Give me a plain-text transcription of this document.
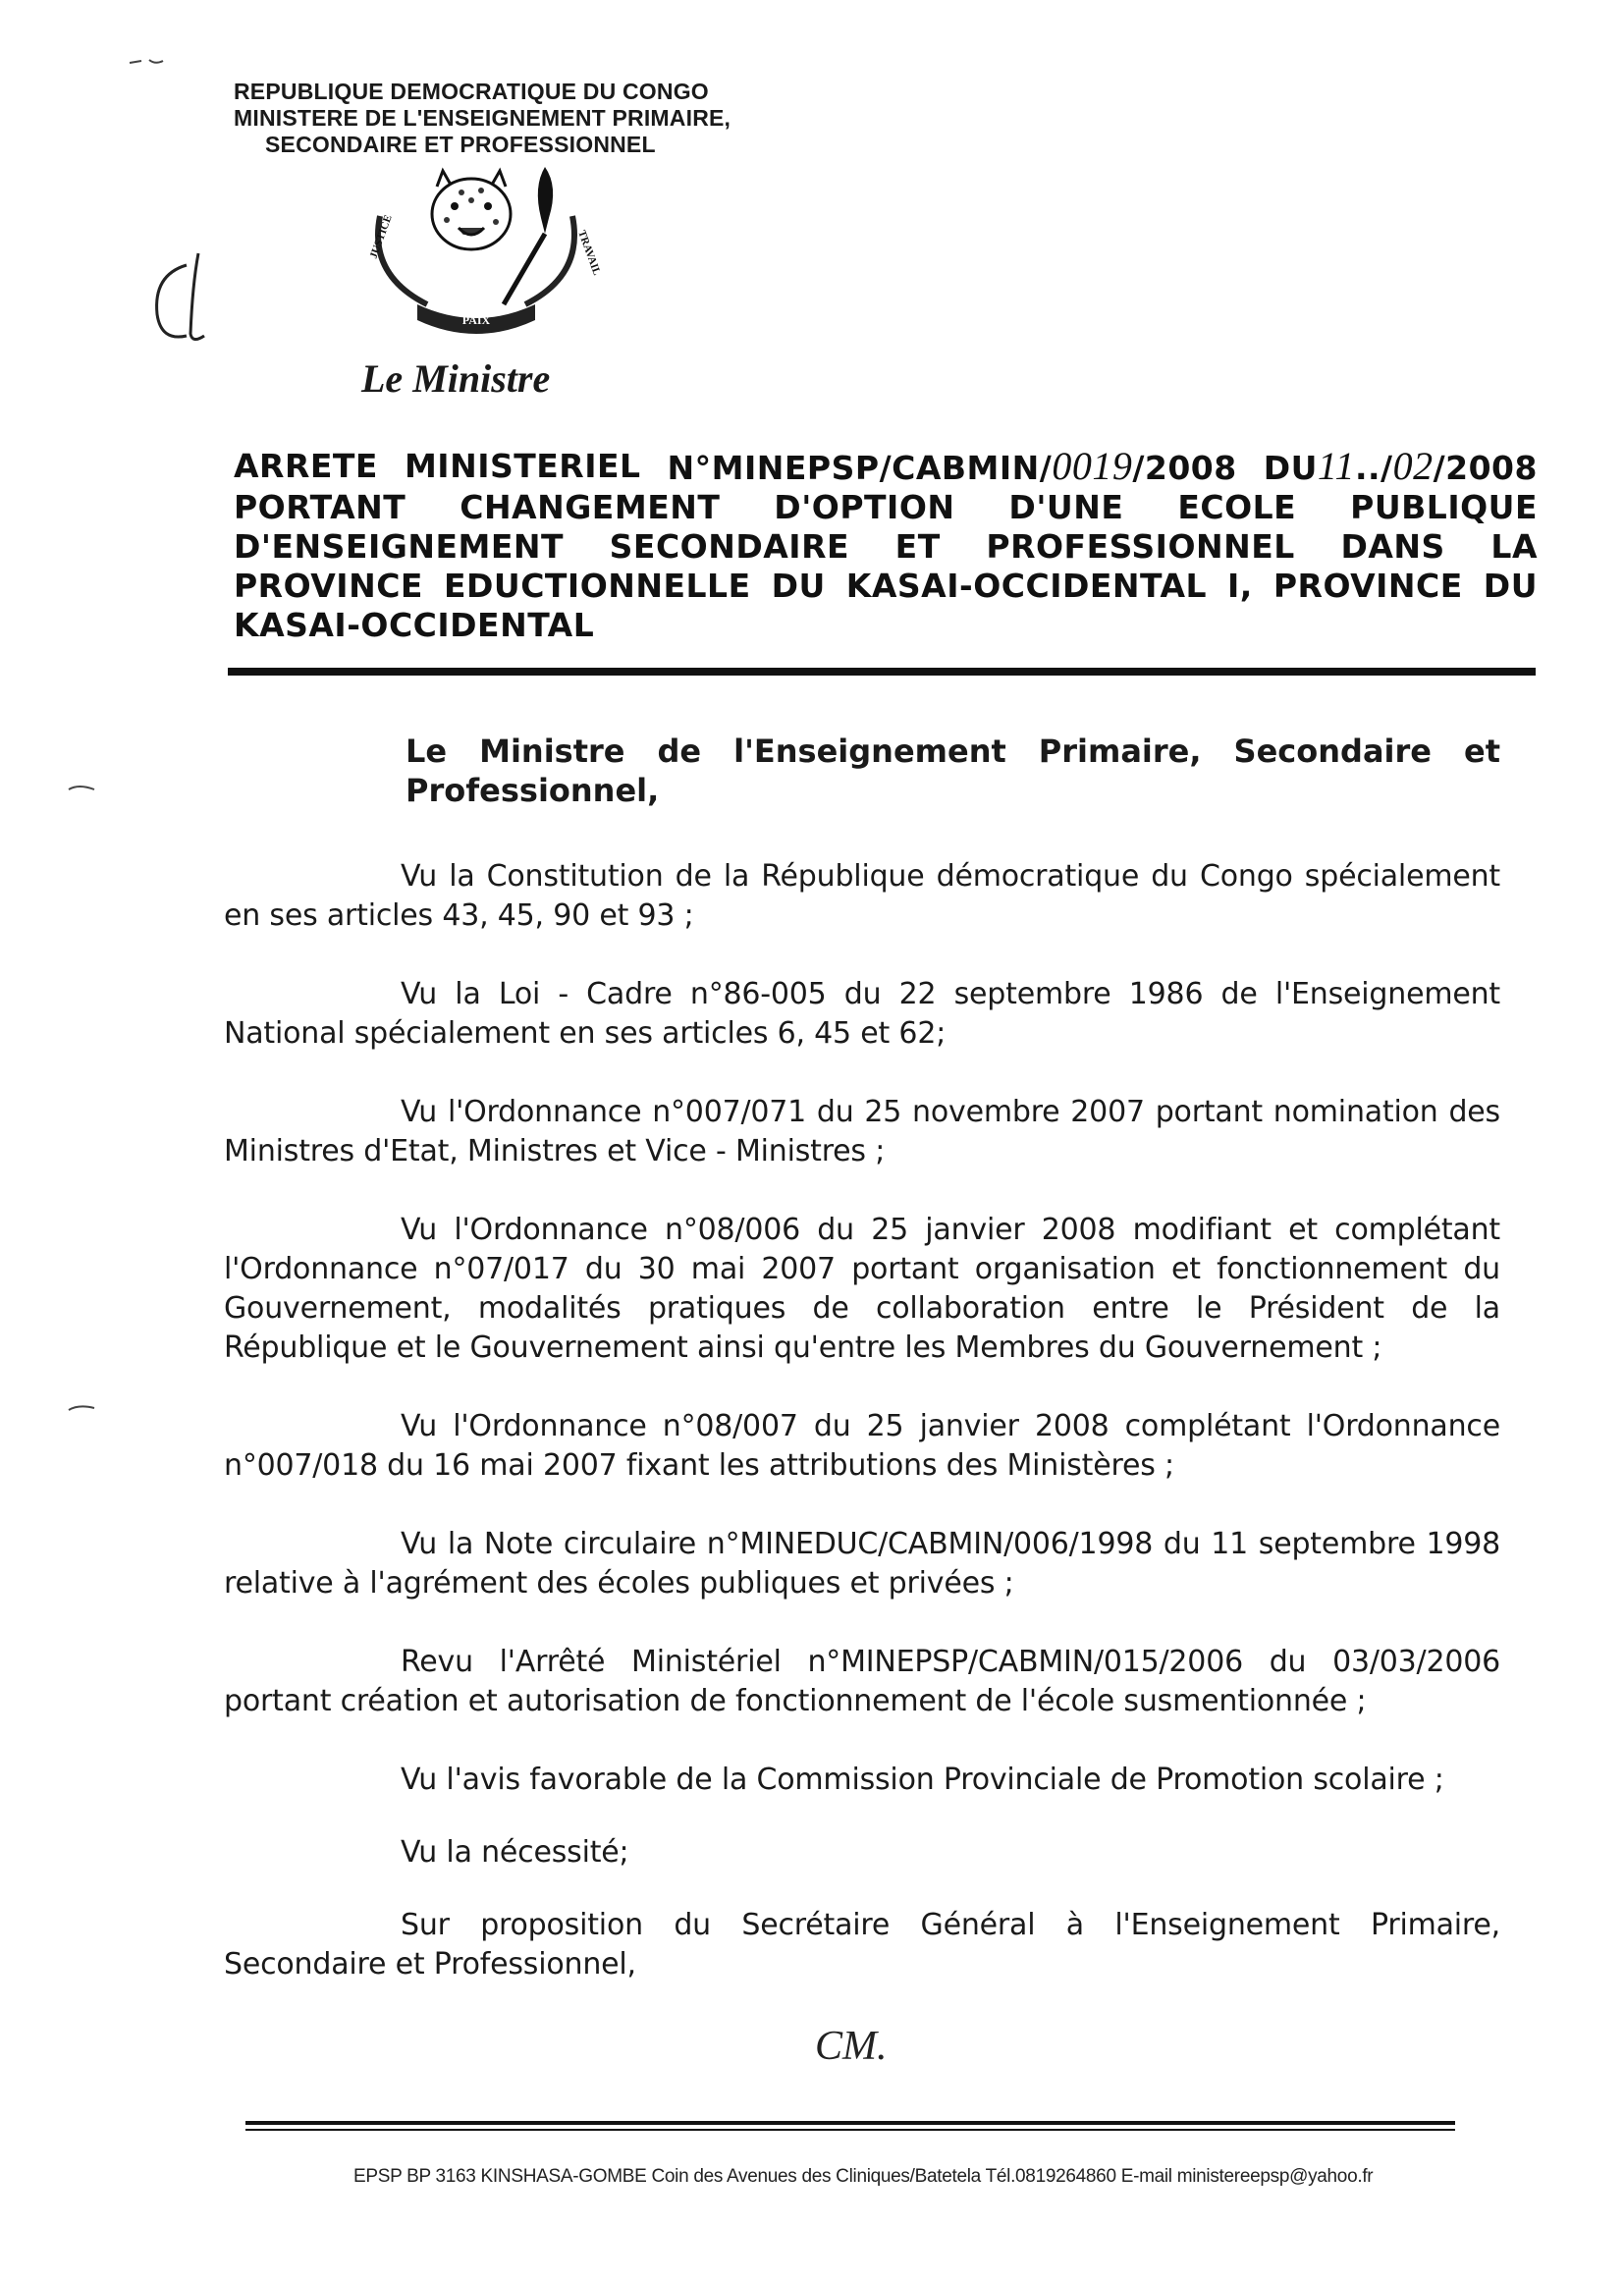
REPUBLIQUE DEMOCRATIQUE DU CONGO
MINISTERE DE L'ENSEIGNEMENT PRIMAIRE,
SECONDAIRE ET PROFESSIONNEL
PAIX
JUSTICE	TRAVAIL
Le Ministre
ARRETE MINISTERIEL N°MINEPSP/CABMIN/0019/2008 DU11../02/2008
PORTANT CHANGEMENT D'OPTION D'UNE ECOLE PUBLIQUE D'ENSEIGNEMENT SECONDAIRE ET PROFESSIONNEL DANS LA PROVINCE EDUCTIONNELLE DU KASAI-OCCIDENTAL I, PROVINCE DU KASAI-OCCIDENTAL
Le Ministre de l'Enseignement Primaire, Secondaire et Professionnel,

Vu la Constitution de la République démocratique du Congo spécialement en ses articles 43, 45, 90 et 93 ;

Vu la Loi - Cadre n°86-005 du 22 septembre 1986 de l'Enseignement National spécialement en ses articles 6, 45 et 62;

Vu l'Ordonnance n°007/071 du 25 novembre 2007 portant nomination des Ministres d'Etat, Ministres et Vice - Ministres ;

Vu l'Ordonnance n°08/006 du 25 janvier 2008 modifiant et complétant l'Ordonnance n°07/017 du 30 mai 2007 portant organisation et fonctionnement du Gouvernement, modalités pratiques de collaboration entre le Président de la République et le Gouvernement ainsi qu'entre les Membres du Gouvernement ;

Vu l'Ordonnance n°08/007 du 25 janvier 2008 complétant l'Ordonnance n°007/018 du 16 mai 2007 fixant les attributions des Ministères ;

Vu la Note circulaire n°MINEDUC/CABMIN/006/1998 du 11 septembre 1998 relative à l'agrément des écoles publiques et privées ;

Revu l'Arrêté Ministériel n°MINEPSP/CABMIN/015/2006 du 03/03/2006 portant création et autorisation de fonctionnement de l'école susmentionnée ;

Vu l'avis favorable de la Commission Provinciale de Promotion scolaire ;

Vu la nécessité;

Sur proposition du Secrétaire Général à l'Enseignement Primaire, Secondaire et Professionnel,

CM.
EPSP BP 3163 KINSHASA-GOMBE Coin des Avenues des Cliniques/Batetela Tél.0819264860 E-mail ministereepsp@yahoo.fr
